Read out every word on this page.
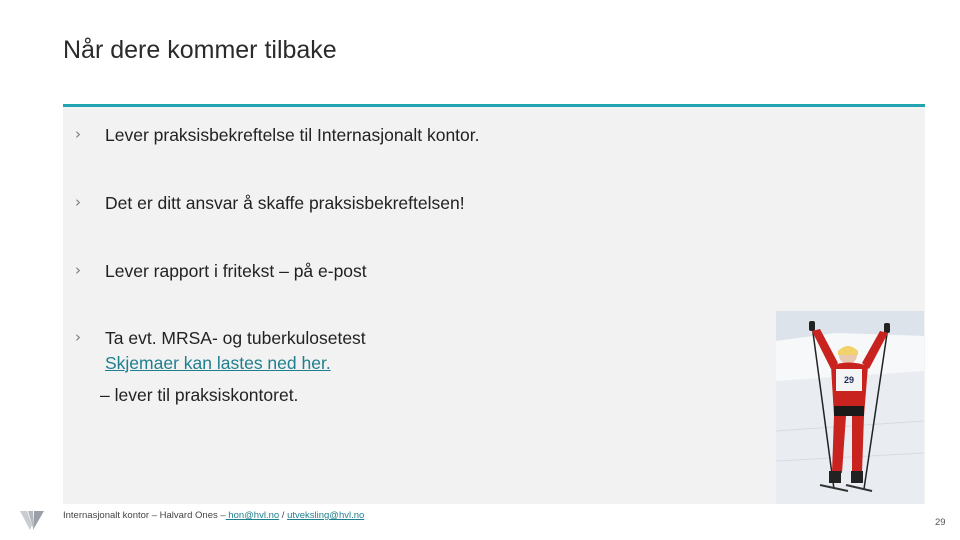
Når dere kommer tilbake
› Lever praksisbekreftelse til Internasjonalt kontor.
› Det er ditt ansvar å skaffe praksisbekreftelsen!
› Lever rapport i fritekst – på e-post
› Ta evt. MRSA- og tuberkulosetest
Skjemaer kan lastes ned her.
– lever til praksiskontoret.
29
Internasjonalt kontor – Halvard Ones – hon@hvl.no / utveksling@hvl.no
29
